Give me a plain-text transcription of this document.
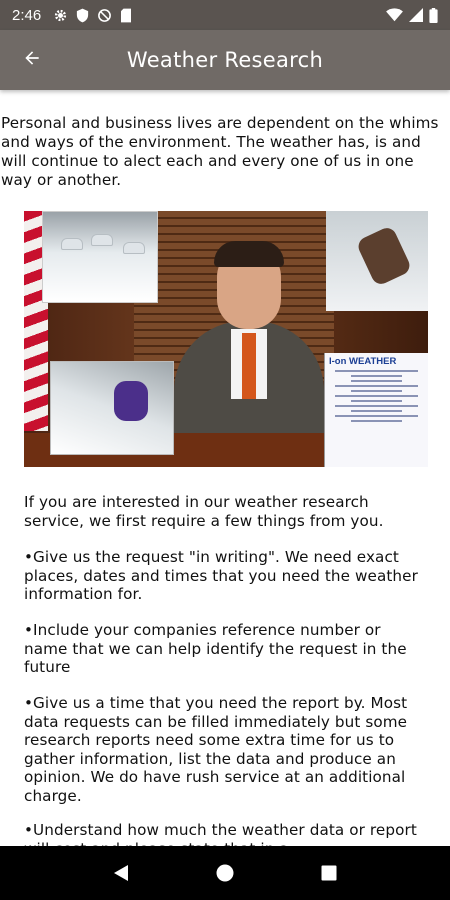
2:46
Weather Research

Personal and business lives are dependent on the whims and ways of the environment. The weather has, is and will continue to alect each and every one of us in one way or another.

I-on WEATHER

If you are interested in our weather research service, we first require a few things from you.

•Give us the request "in writing". We need exact places, dates and times that you need the weather information for.

•Include your companies reference number or name that we can help identify the request in the future

•Give us a time that you need the report by. Most data requests can be filled immediately but some research reports need some extra time for us to gather information, list the data and produce an opinion. We do have rush service at an additional charge.

•Understand how much the weather data or report
